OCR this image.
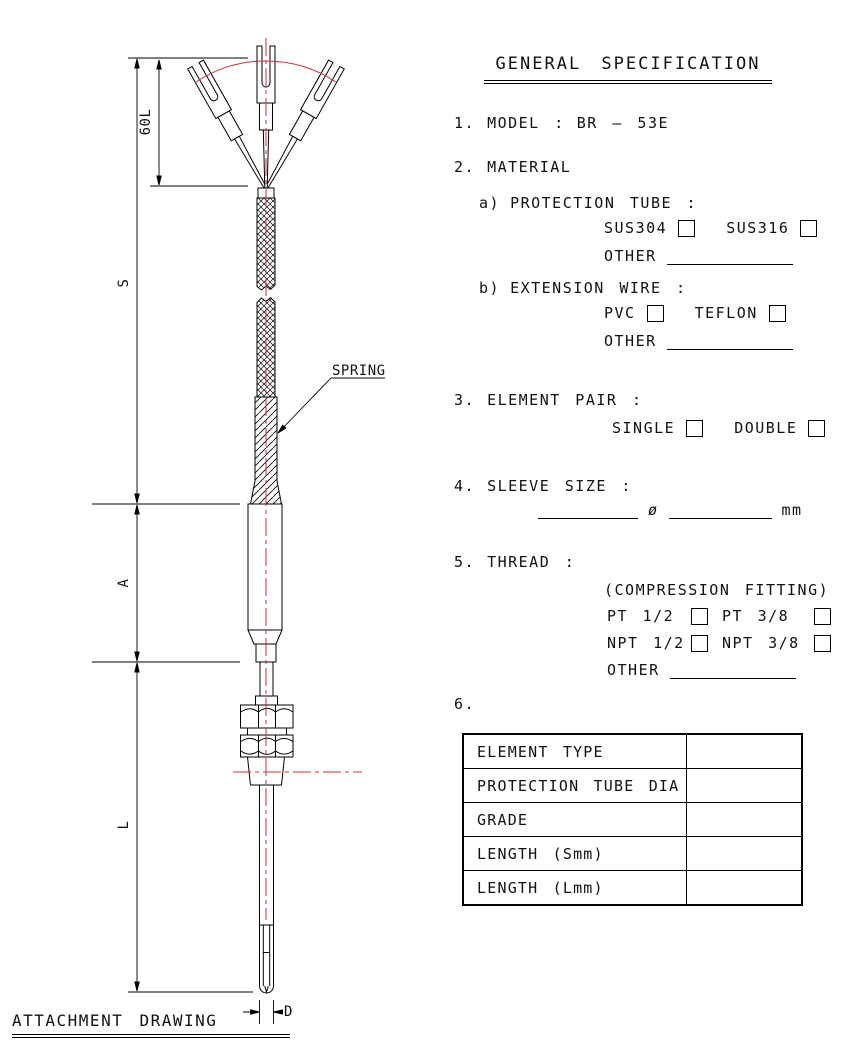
60L
S
A
L
D
SPRING
ATTACHMENT DRAWING
GENERAL SPECIFICATION
1. MODEL : BR — 53E
2. MATERIAL
a) PROTECTION TUBE :
SUS304	SUS316
OTHER
b) EXTENSION WIRE :
PVC	TEFLON
OTHER
3. ELEMENT PAIR :
SINGLE	DOUBLE
4. SLEEVE SIZE :
ø	mm
5. THREAD :
(COMPRESSION FITTING)
PT 1/2	PT 3/8
NPT 1/2	NPT 3/8
OTHER
6.
ELEMENT TYPE
PROTECTION TUBE DIA
GRADE
LENGTH (Smm)
LENGTH (Lmm)
